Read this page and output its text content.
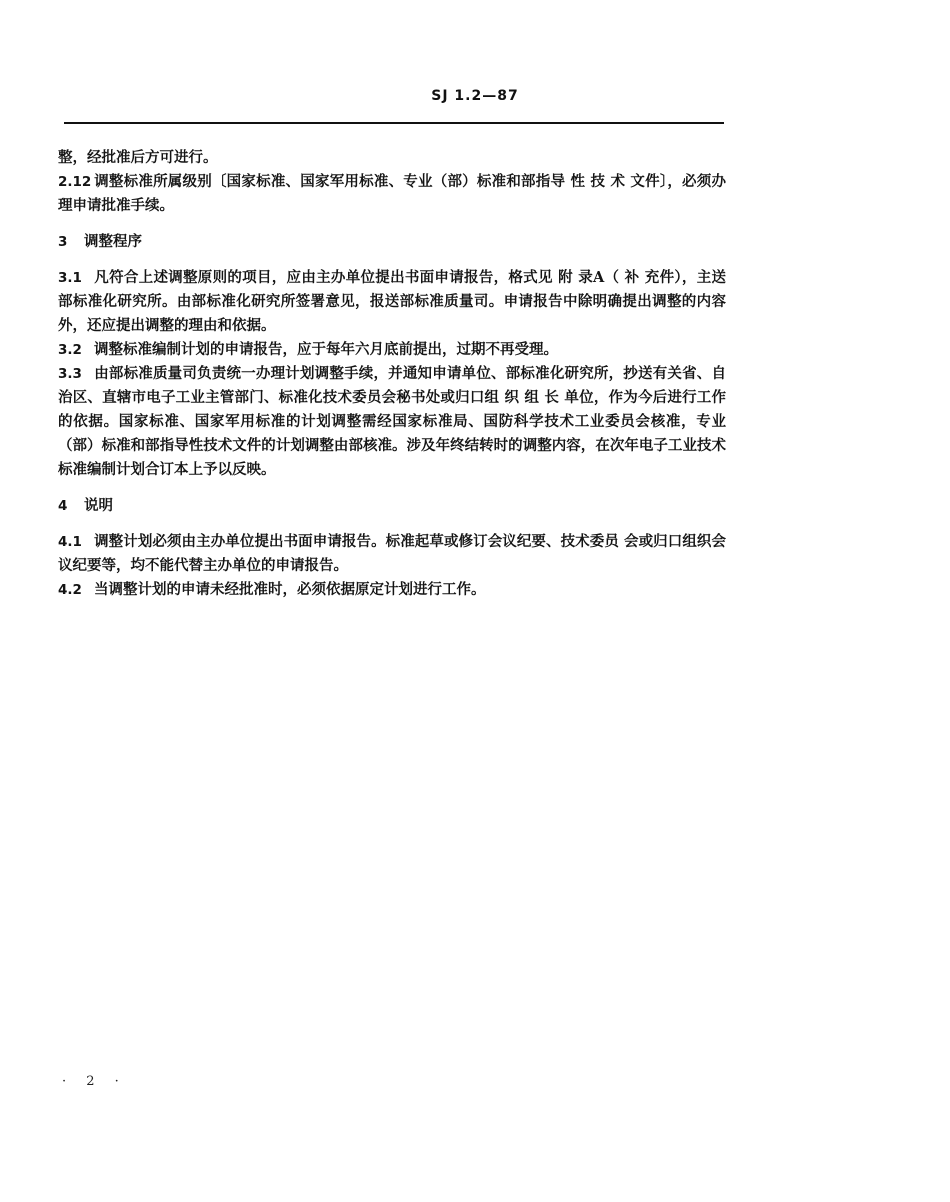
SJ 1.2—87

整，经批准后方可进行。

2.12 调整标准所属级别〔国家标准、国家军用标准、专业（部）标准和部指导 性 技 术 文件〕，必须办理申请批准手续。

3 调整程序

3.1 凡符合上述调整原则的项目，应由主办单位提出书面申请报告，格式见 附 录A（ 补 充件），主送部标准化研究所。由部标准化研究所签署意见，报送部标准质量司。申请报告中除明确提出调整的内容外，还应提出调整的理由和依据。

3.2 调整标准编制计划的申请报告，应于每年六月底前提出，过期不再受理。

3.3 由部标准质量司负责统一办理计划调整手续，并通知申请单位、部标准化研究所，抄送有关省、自治区、直辖市电子工业主管部门、标准化技术委员会秘书处或归口组 织 组 长 单位，作为今后进行工作的依据。国家标准、国家军用标准的计划调整需经国家标准局、国防科学技术工业委员会核准，专业（部）标准和部指导性技术文件的计划调整由部核准。涉及年终结转时的调整内容，在次年电子工业技术标准编制计划合订本上予以反映。

4 说明

4.1 调整计划必须由主办单位提出书面申请报告。标准起草或修订会议纪要、技术委员 会或归口组织会议纪要等，均不能代替主办单位的申请报告。

4.2 当调整计划的申请未经批准时，必须依据原定计划进行工作。

· 2 ·
